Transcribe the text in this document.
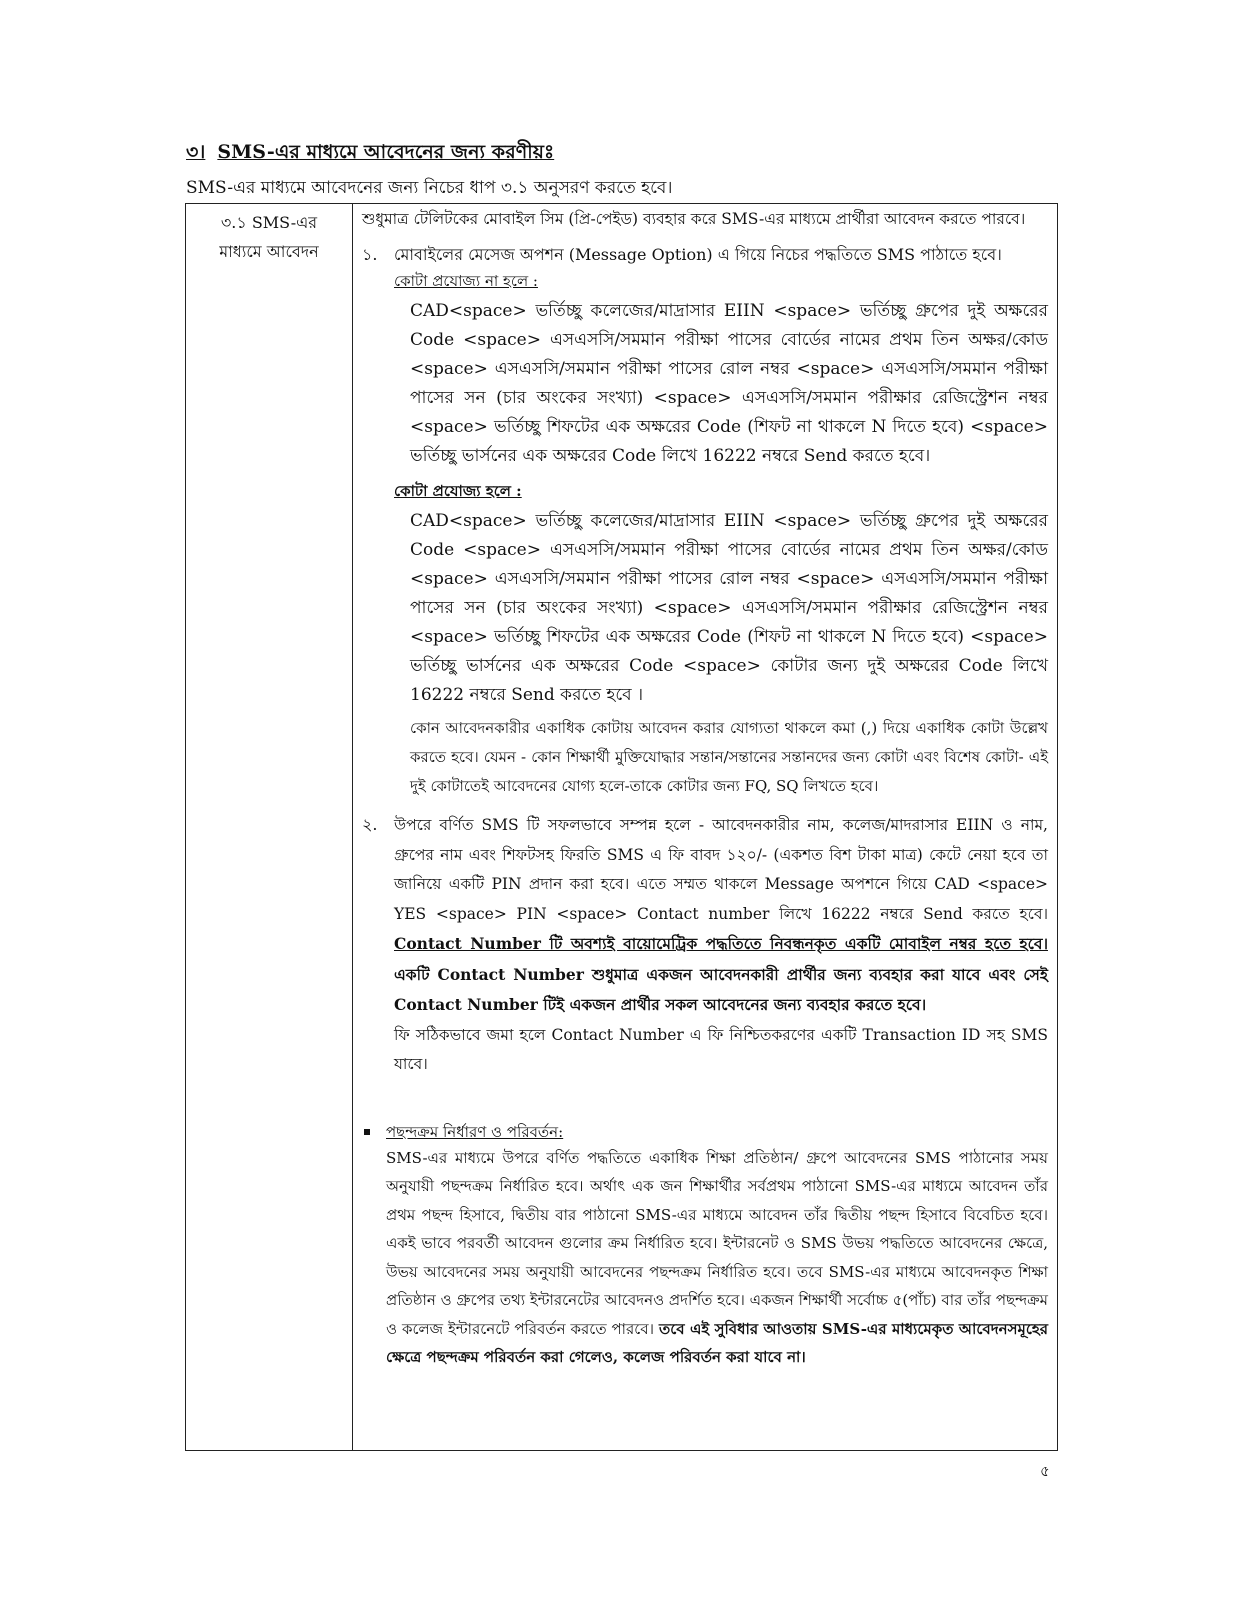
৩। SMS-এর মাধ্যমে আবেদনের জন্য করণীয়ঃ
SMS-এর মাধ্যমে আবেদনের জন্য নিচের ধাপ ৩.১ অনুসরণ করতে হবে।
৩.১ SMS-এর
মাধ্যমে আবেদন

শুধুমাত্র টেলিটকের মোবাইল সিম (প্রি-পেইড) ব্যবহার করে SMS-এর মাধ্যমে প্রার্থীরা আবেদন করতে পারবে।

১. মোবাইলের মেসেজ অপশন (Message Option) এ গিয়ে নিচের পদ্ধতিতে SMS পাঠাতে হবে।

কোটা প্রযোজ্য না হলে :

CAD<space> ভর্তিচ্ছু কলেজের/মাদ্রাসার EIIN <space> ভর্তিচ্ছু গ্রুপের দুই অক্ষরের Code <space> এসএসসি/সমমান পরীক্ষা পাসের বোর্ডের নামের প্রথম তিন অক্ষর/কোড <space> এসএসসি/সমমান পরীক্ষা পাসের রোল নম্বর <space> এসএসসি/সমমান পরীক্ষা পাসের সন (চার অংকের সংখ্যা) <space> এসএসসি/সমমান পরীক্ষার রেজিস্ট্রেশন নম্বর <space> ভর্তিচ্ছু শিফটের এক অক্ষরের Code (শিফট না থাকলে N দিতে হবে) <space> ভর্তিচ্ছু ভার্সনের এক অক্ষরের Code লিখে 16222 নম্বরে Send করতে হবে।

কোটা প্রযোজ্য হলে :

CAD<space> ভর্তিচ্ছু কলেজের/মাদ্রাসার EIIN <space> ভর্তিচ্ছু গ্রুপের দুই অক্ষরের Code <space> এসএসসি/সমমান পরীক্ষা পাসের বোর্ডের নামের প্রথম তিন অক্ষর/কোড <space> এসএসসি/সমমান পরীক্ষা পাসের রোল নম্বর <space> এসএসসি/সমমান পরীক্ষা পাসের সন (চার অংকের সংখ্যা) <space> এসএসসি/সমমান পরীক্ষার রেজিস্ট্রেশন নম্বর <space> ভর্তিচ্ছু শিফটের এক অক্ষরের Code (শিফট না থাকলে N দিতে হবে) <space> ভর্তিচ্ছু ভার্সনের এক অক্ষরের Code <space> কোটার জন্য দুই অক্ষরের Code লিখে 16222 নম্বরে Send করতে হবে ।

কোন আবেদনকারীর একাধিক কোটায় আবেদন করার যোগ্যতা থাকলে কমা (,) দিয়ে একাধিক কোটা উল্লেখ করতে হবে। যেমন - কোন শিক্ষার্থী মুক্তিযোদ্ধার সন্তান/সন্তানের সন্তানদের জন্য কোটা এবং বিশেষ কোটা- এই দুই কোটাতেই আবেদনের যোগ্য হলে-তাকে কোটার জন্য FQ, SQ লিখতে হবে।

২. উপরে বর্ণিত SMS টি সফলভাবে সম্পন্ন হলে - আবেদনকারীর নাম, কলেজ/মাদরাসার EIIN ও নাম, গ্রুপের নাম এবং শিফটসহ ফিরতি SMS এ ফি বাবদ ১২০/- (একশত বিশ টাকা মাত্র) কেটে নেয়া হবে তা জানিয়ে একটি PIN প্রদান করা হবে। এতে সম্মত থাকলে Message অপশনে গিয়ে CAD <space> YES <space> PIN <space> Contact number লিখে 16222 নম্বরে Send করতে হবে। Contact Number টি অবশ্যই বায়োমেট্রিক পদ্ধতিতে নিবন্ধনকৃত একটি মোবাইল নম্বর হতে হবে। একটি Contact Number শুধুমাত্র একজন আবেদনকারী প্রার্থীর জন্য ব্যবহার করা যাবে এবং সেই Contact Number টিই একজন প্রার্থীর সকল আবেদনের জন্য ব্যবহার করতে হবে।

ফি সঠিকভাবে জমা হলে Contact Number এ ফি নিশ্চিতকরণের একটি Transaction ID সহ SMS যাবে।

পছন্দক্রম নির্ধারণ ও পরিবর্তন:

SMS-এর মাধ্যমে উপরে বর্ণিত পদ্ধতিতে একাধিক শিক্ষা প্রতিষ্ঠান/ গ্রুপে আবেদনের SMS পাঠানোর সময় অনুযায়ী পছন্দক্রম নির্ধারিত হবে। অর্থাৎ এক জন শিক্ষার্থীর সর্বপ্রথম পাঠানো SMS-এর মাধ্যমে আবেদন তাঁর প্রথম পছন্দ হিসাবে, দ্বিতীয় বার পাঠানো SMS-এর মাধ্যমে আবেদন তাঁর দ্বিতীয় পছন্দ হিসাবে বিবেচিত হবে। একই ভাবে পরবর্তী আবেদন গুলোর ক্রম নির্ধারিত হবে। ইন্টারনেট ও SMS উভয় পদ্ধতিতে আবেদনের ক্ষেত্রে, উভয় আবেদনের সময় অনুযায়ী আবেদনের পছন্দক্রম নির্ধারিত হবে। তবে SMS-এর মাধ্যমে আবেদনকৃত শিক্ষা প্রতিষ্ঠান ও গ্রুপের তথ্য ইন্টারনেটের আবেদনও প্রদর্শিত হবে। একজন শিক্ষার্থী সর্বোচ্চ ৫(পাঁচ) বার তাঁর পছন্দক্রম ও কলেজ ইন্টারনেটে পরিবর্তন করতে পারবে। তবে এই সুবিধার আওতায় SMS-এর মাধ্যমেকৃত আবেদনসমূহের ক্ষেত্রে পছন্দক্রম পরিবর্তন করা গেলেও, কলেজ পরিবর্তন করা যাবে না।

৫
